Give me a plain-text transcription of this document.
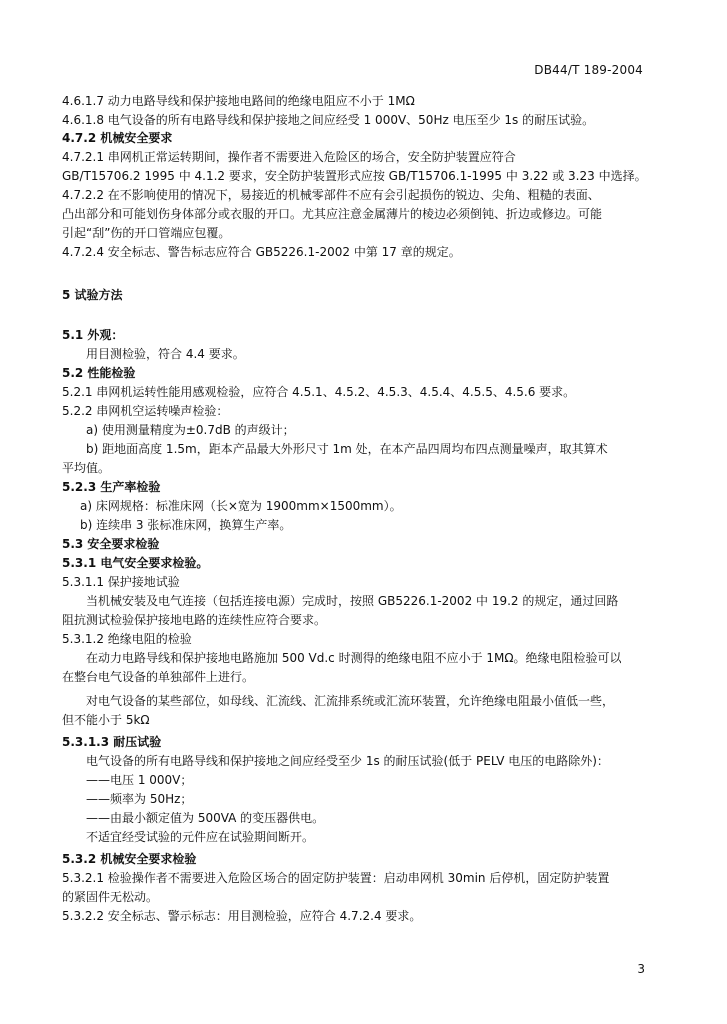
DB44/T 189-2004
4.6.1.7 动力电路导线和保护接地电路间的绝缘电阻应不小于 1MΩ
4.6.1.8 电气设备的所有电路导线和保护接地之间应经受 1 000V、50Hz 电压至少 1s 的耐压试验。
4.7.2 机械安全要求
4.7.2.1 串网机正常运转期间，操作者不需要进入危险区的场合，安全防护装置应符合
GB/T15706.2 1995 中 4.1.2 要求，安全防护装置形式应按 GB/T15706.1-1995 中 3.22 或 3.23 中选择。
4.7.2.2 在不影响使用的情况下，易接近的机械零部件不应有会引起损伤的锐边、尖角、粗糙的表面、
凸出部分和可能划伤身体部分或衣服的开口。尤其应注意金属薄片的棱边必须倒钝、折边或修边。可能
引起“刮”伤的开口管端应包覆。
4.7.2.4 安全标志、警告标志应符合 GB5226.1-2002 中第 17 章的规定。
5 试验方法
5.1 外观：
用目测检验，符合 4.4 要求。
5.2 性能检验
5.2.1 串网机运转性能用感观检验，应符合 4.5.1、4.5.2、4.5.3、4.5.4、4.5.5、4.5.6 要求。
5.2.2 串网机空运转噪声检验：
a) 使用测量精度为±0.7dB 的声级计；
b) 距地面高度 1.5m，距本产品最大外形尺寸 1m 处，在本产品四周均布四点测量噪声，取其算术
平均值。
5.2.3 生产率检验
a) 床网规格：标准床网（长×宽为 1900mm×1500mm）。
b) 连续串 3 张标准床网，换算生产率。
5.3 安全要求检验
5.3.1 电气安全要求检验。
5.3.1.1 保护接地试验
当机械安装及电气连接（包括连接电源）完成时，按照 GB5226.1-2002 中 19.2 的规定，通过回路
阻抗测试检验保护接地电路的连续性应符合要求。
5.3.1.2 绝缘电阻的检验
在动力电路导线和保护接地电路施加 500 Vd.c 时测得的绝缘电阻不应小于 1MΩ。绝缘电阻检验可以
在整台电气设备的单独部件上进行。
对电气设备的某些部位，如母线、汇流线、汇流排系统或汇流环装置，允许绝缘电阻最小值低一些，
但不能小于 5kΩ
5.3.1.3 耐压试验
电气设备的所有电路导线和保护接地之间应经受至少 1s 的耐压试验(低于 PELV 电压的电路除外)：
——电压 1 000V；
——频率为 50Hz；
——由最小额定值为 500VA 的变压器供电。
不适宜经受试验的元件应在试验期间断开。
5.3.2 机械安全要求检验
5.3.2.1 检验操作者不需要进入危险区场合的固定防护装置：启动串网机 30min 后停机，固定防护装置
的紧固件无松动。
5.3.2.2 安全标志、警示标志：用目测检验，应符合 4.7.2.4 要求。
3
